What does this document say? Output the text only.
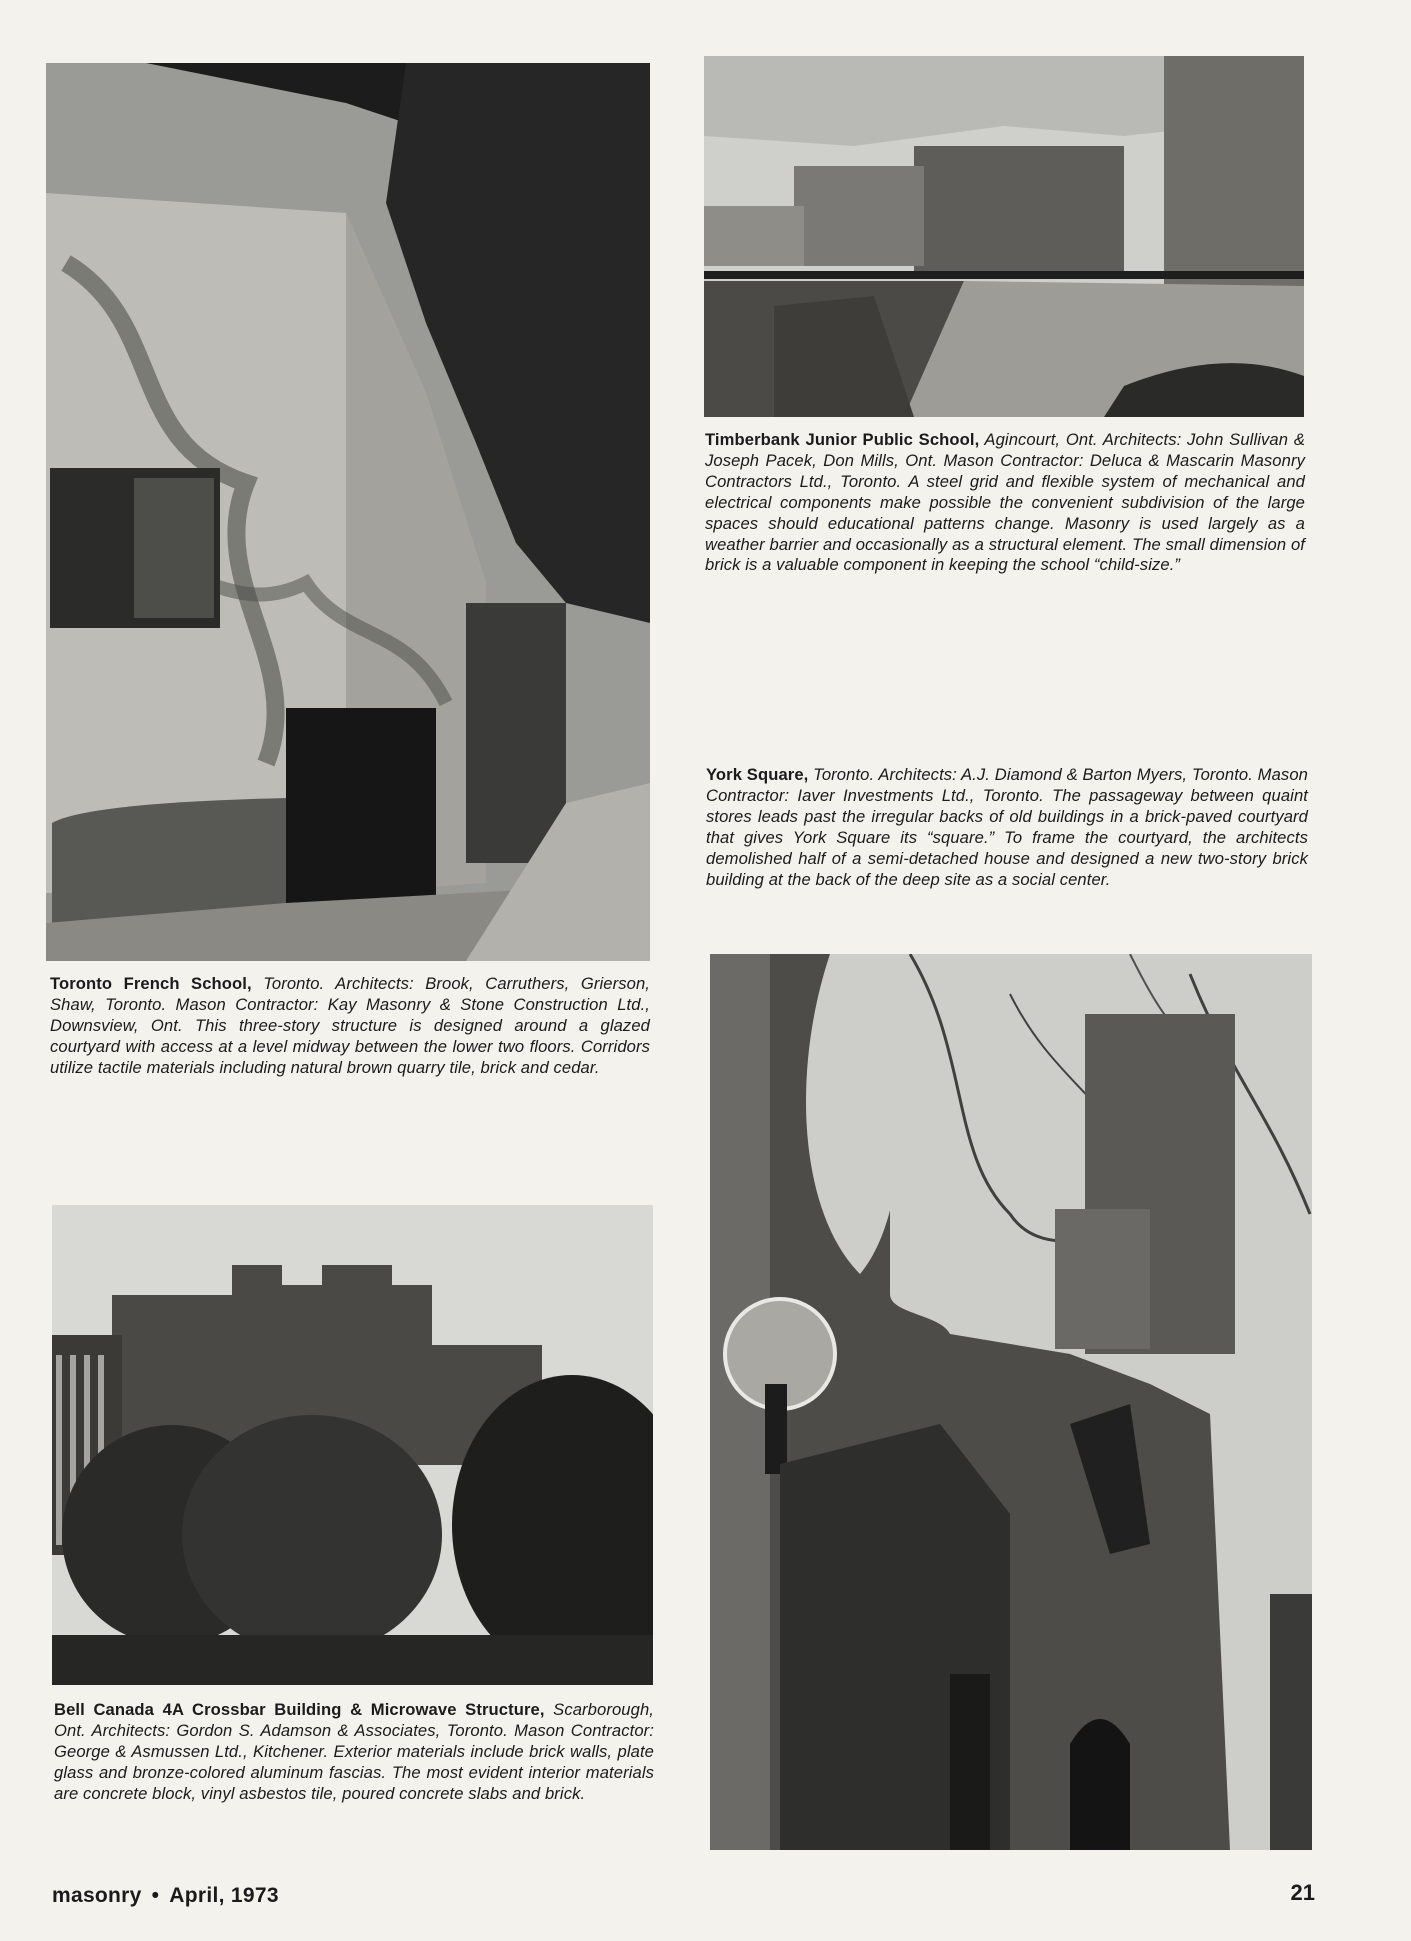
Toronto French School, Toronto. Architects: Brook, Carruthers, Grierson, Shaw, Toronto. Mason Contractor: Kay Masonry & Stone Construction Ltd., Downsview, Ont. This three-story structure is designed around a glazed courtyard with access at a level midway between the lower two floors. Corridors utilize tactile materials including natural brown quarry tile, brick and cedar.

Timberbank Junior Public School, Agincourt, Ont. Architects: John Sullivan & Joseph Pacek, Don Mills, Ont. Mason Contractor: Deluca & Mascarin Masonry Contractors Ltd., Toronto. A steel grid and flexible system of mechanical and electrical components make possible the convenient subdivision of the large spaces should educational patterns change. Masonry is used largely as a weather barrier and occasionally as a structural element. The small dimension of brick is a valuable component in keeping the school “child-size.”

York Square, Toronto. Architects: A.J. Diamond & Barton Myers, Toronto. Mason Contractor: Iaver Investments Ltd., Toronto. The passageway between quaint stores leads past the irregular backs of old buildings in a brick-paved courtyard that gives York Square its “square.” To frame the courtyard, the architects demolished half of a semi-detached house and designed a new two-story brick building at the back of the deep site as a social center.

Bell Canada 4A Crossbar Building & Microwave Structure, Scarborough, Ont. Architects: Gordon S. Adamson & Associates, Toronto. Mason Contractor: George & Asmussen Ltd., Kitchener. Exterior materials include brick walls, plate glass and bronze-colored aluminum fascias. The most evident interior materials are concrete block, vinyl asbestos tile, poured concrete slabs and brick.

masonry • April, 1973	21
